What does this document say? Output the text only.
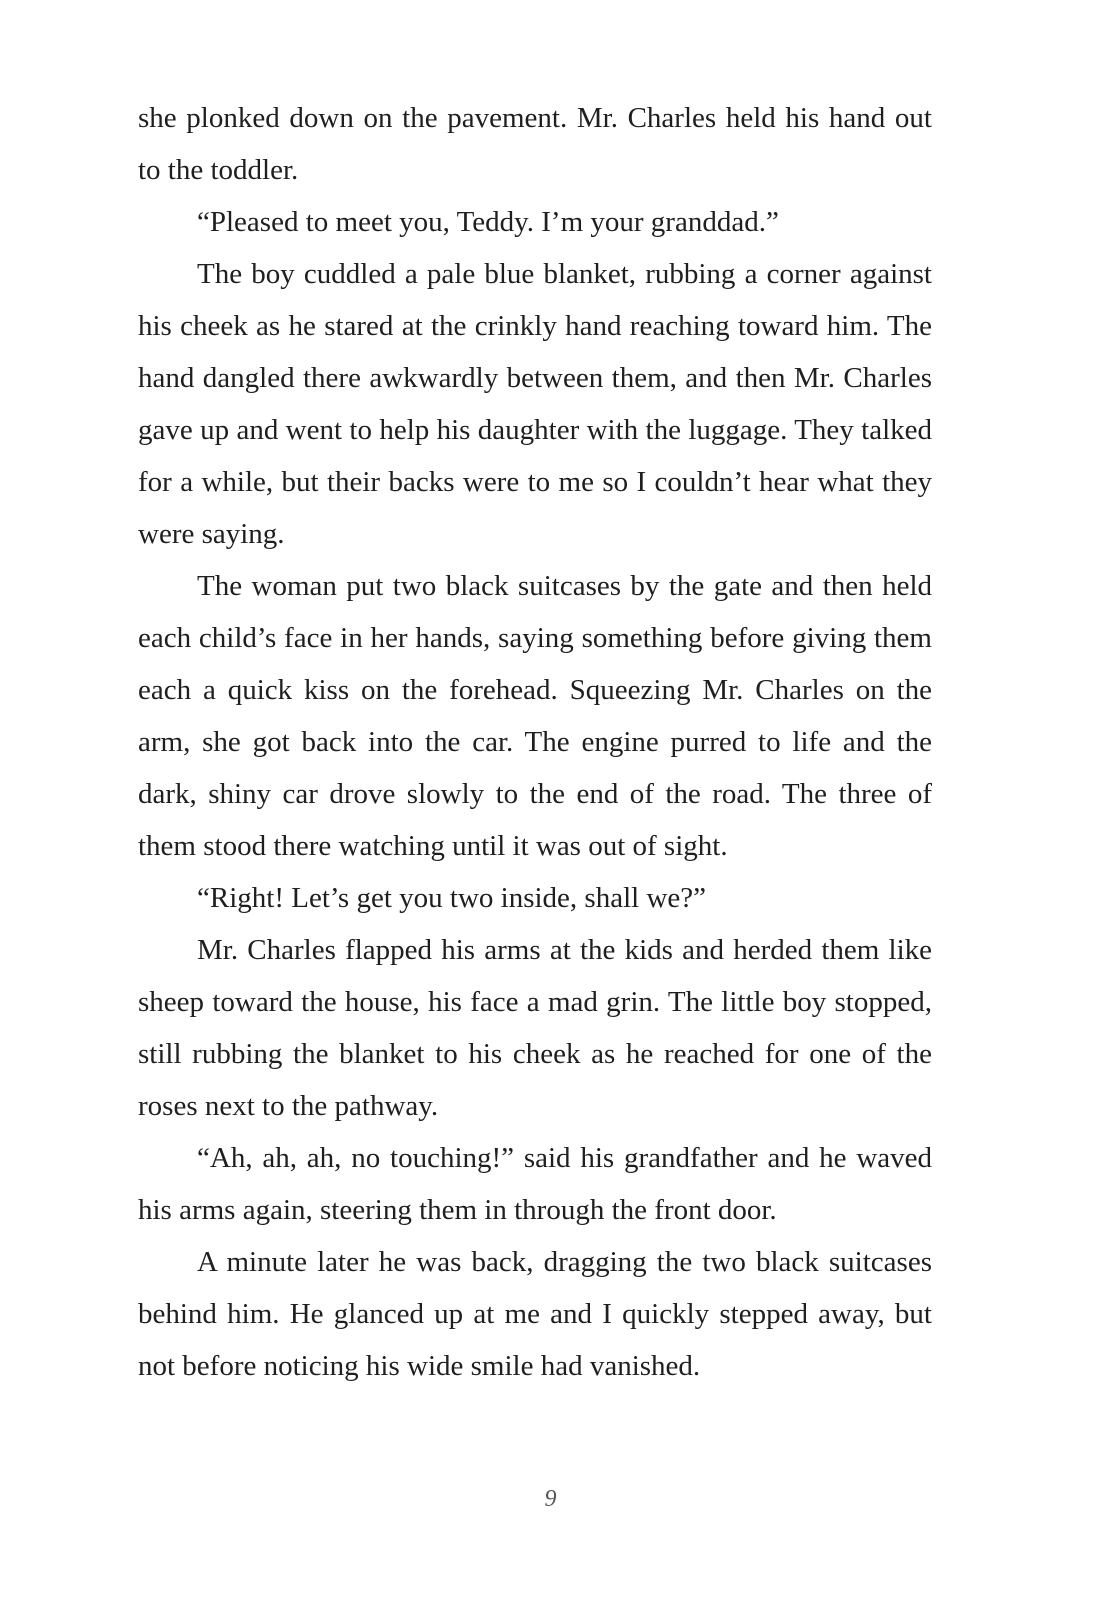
she plonked down on the pavement. Mr. Charles held his hand out to the toddler.

“Pleased to meet you, Teddy. I’m your granddad.”

The boy cuddled a pale blue blanket, rubbing a corner against his cheek as he stared at the crinkly hand reaching toward him. The hand dangled there awkwardly between them, and then Mr. Charles gave up and went to help his daughter with the luggage. They talked for a while, but their backs were to me so I couldn’t hear what they were saying.

The woman put two black suitcases by the gate and then held each child’s face in her hands, saying something before giving them each a quick kiss on the forehead. Squeezing Mr. Charles on the arm, she got back into the car. The engine purred to life and the dark, shiny car drove slowly to the end of the road. The three of them stood there watching until it was out of sight.

“Right! Let’s get you two inside, shall we?”

Mr. Charles flapped his arms at the kids and herded them like sheep toward the house, his face a mad grin. The little boy stopped, still rubbing the blanket to his cheek as he reached for one of the roses next to the pathway.

“Ah, ah, ah, no touching!” said his grandfather and he waved his arms again, steering them in through the front door.

A minute later he was back, dragging the two black suitcases behind him. He glanced up at me and I quickly stepped away, but not before noticing his wide smile had vanished.

9
